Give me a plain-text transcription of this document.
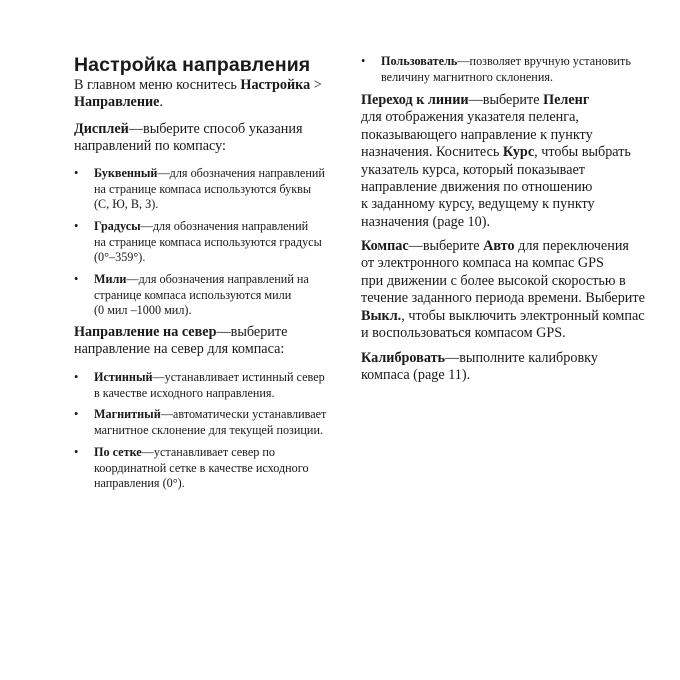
Настройка направления
В главном меню коснитесь Настройка >
Направление.
Дисплей—выберите способ указания
направлений по компасу:
• Буквенный—для обозначения направлений
на странице компаса используются буквы
(С, Ю, В, З).
• Градусы—для обозначения направлений
на странице компаса используются градусы
(0°–359°).
• Мили—для обозначения направлений на
странице компаса используются мили
(0 мил –1000 мил).
Направление на север—выберите
направление на север для компаса:
• Истинный—устанавливает истинный север
в качестве исходного направления.
• Магнитный—автоматически устанавливает
магнитное склонение для текущей позиции.
• По сетке—устанавливает север по
координатной сетке в качестве исходного
направления (0°).
• Пользователь—позволяет вручную установить
величину магнитного склонения.
Переход к линии—выберите Пеленг
для отображения указателя пеленга,
показывающего направление к пункту
назначения. Коснитесь Курс, чтобы выбрать
указатель курса, который показывает
направление движения по отношению
к заданному курсу, ведущему к пункту
назначения (page 10).
Компас—выберите Авто для переключения
от электронного компаса на компас GPS
при движении с более высокой скоростью в
течение заданного периода времени. Выберите
Выкл., чтобы выключить электронный компас
и воспользоваться компасом GPS.
Калибровать—выполните калибровку
компаса (page 11).
